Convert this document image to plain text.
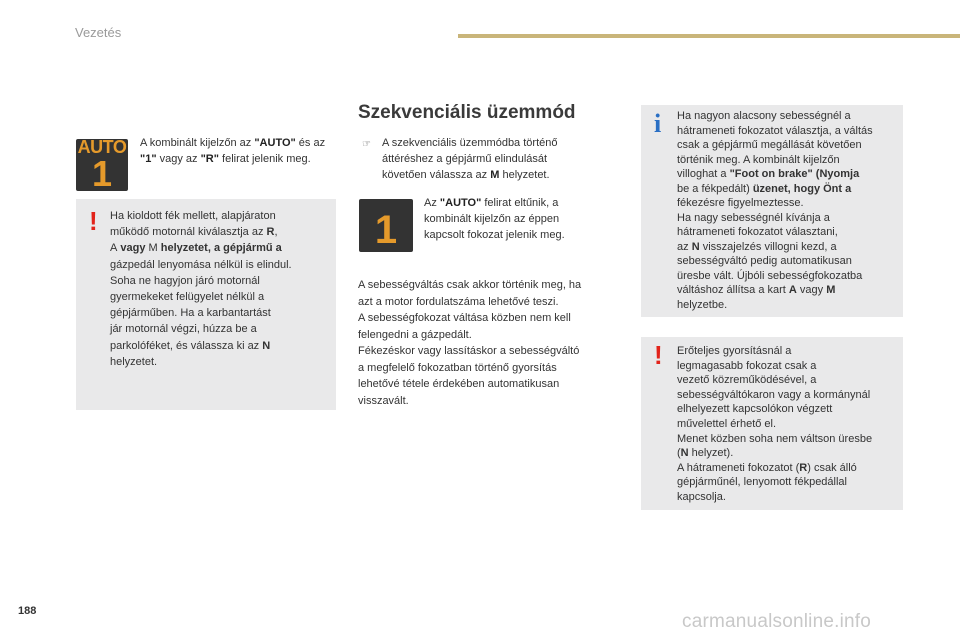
Vezetés
AUTO
1
A kombinált kijelzőn az "AUTO" és az "1" vagy az "R" felirat jelenik meg.
! Ha kioldott fék mellett, alapjáraton
működő motornál kiválasztja az R,
A vagy M helyzetet, a gépjármű a
gázpedál lenyomása nélkül is elindul.
Soha ne hagyjon járó motornál
gyermekeket felügyelet nélkül a
gépjárműben. Ha a karbantartást
jár motornál végzi, húzza be a
parkolóféket, és válassza ki az N
helyzetet.
Szekvenciális üzemmód
☞ A szekvenciális üzemmódba történő
áttéréshez a gépjármű elindulását
követően válassza az M helyzetet.
1
Az "AUTO" felirat eltűnik, a
kombinált kijelzőn az éppen
kapcsolt fokozat jelenik meg.
A sebességváltás csak akkor történik meg, ha
azt a motor fordulatszáma lehetővé teszi.
A sebességfokozat váltása közben nem kell
felengedni a gázpedált.
Fékezéskor vagy lassításkor a sebességváltó
a megfelelő fokozatban történő gyorsítás
lehetővé tétele érdekében automatikusan
visszavált.
i Ha nagyon alacsony sebességnél a
hátrameneti fokozatot választja, a váltás
csak a gépjármű megállását követően
történik meg. A kombinált kijelzőn
villoghat a "Foot on brake" (Nyomja
be a fékpedált) üzenet, hogy Önt a
fékezésre figyelmeztesse.
Ha nagy sebességnél kívánja a
hátrameneti fokozatot választani,
az N visszajelzés villogni kezd, a
sebességváltó pedig automatikusan
üresbe vált. Újbóli sebességfokozatba
váltáshoz állítsa a kart A vagy M
helyzetbe.
! Erőteljes gyorsításnál a
legmagasabb fokozat csak a
vezető közreműködésével, a
sebességváltókaron vagy a kormánynál
elhelyezett kapcsolókon végzett
művelettel érhető el.
Menet közben soha nem váltson üresbe
(N helyzet).
A hátrameneti fokozatot (R) csak álló
gépjárműnél, lenyomott fékpedállal
kapcsolja.
188	carmanualsonline.info
